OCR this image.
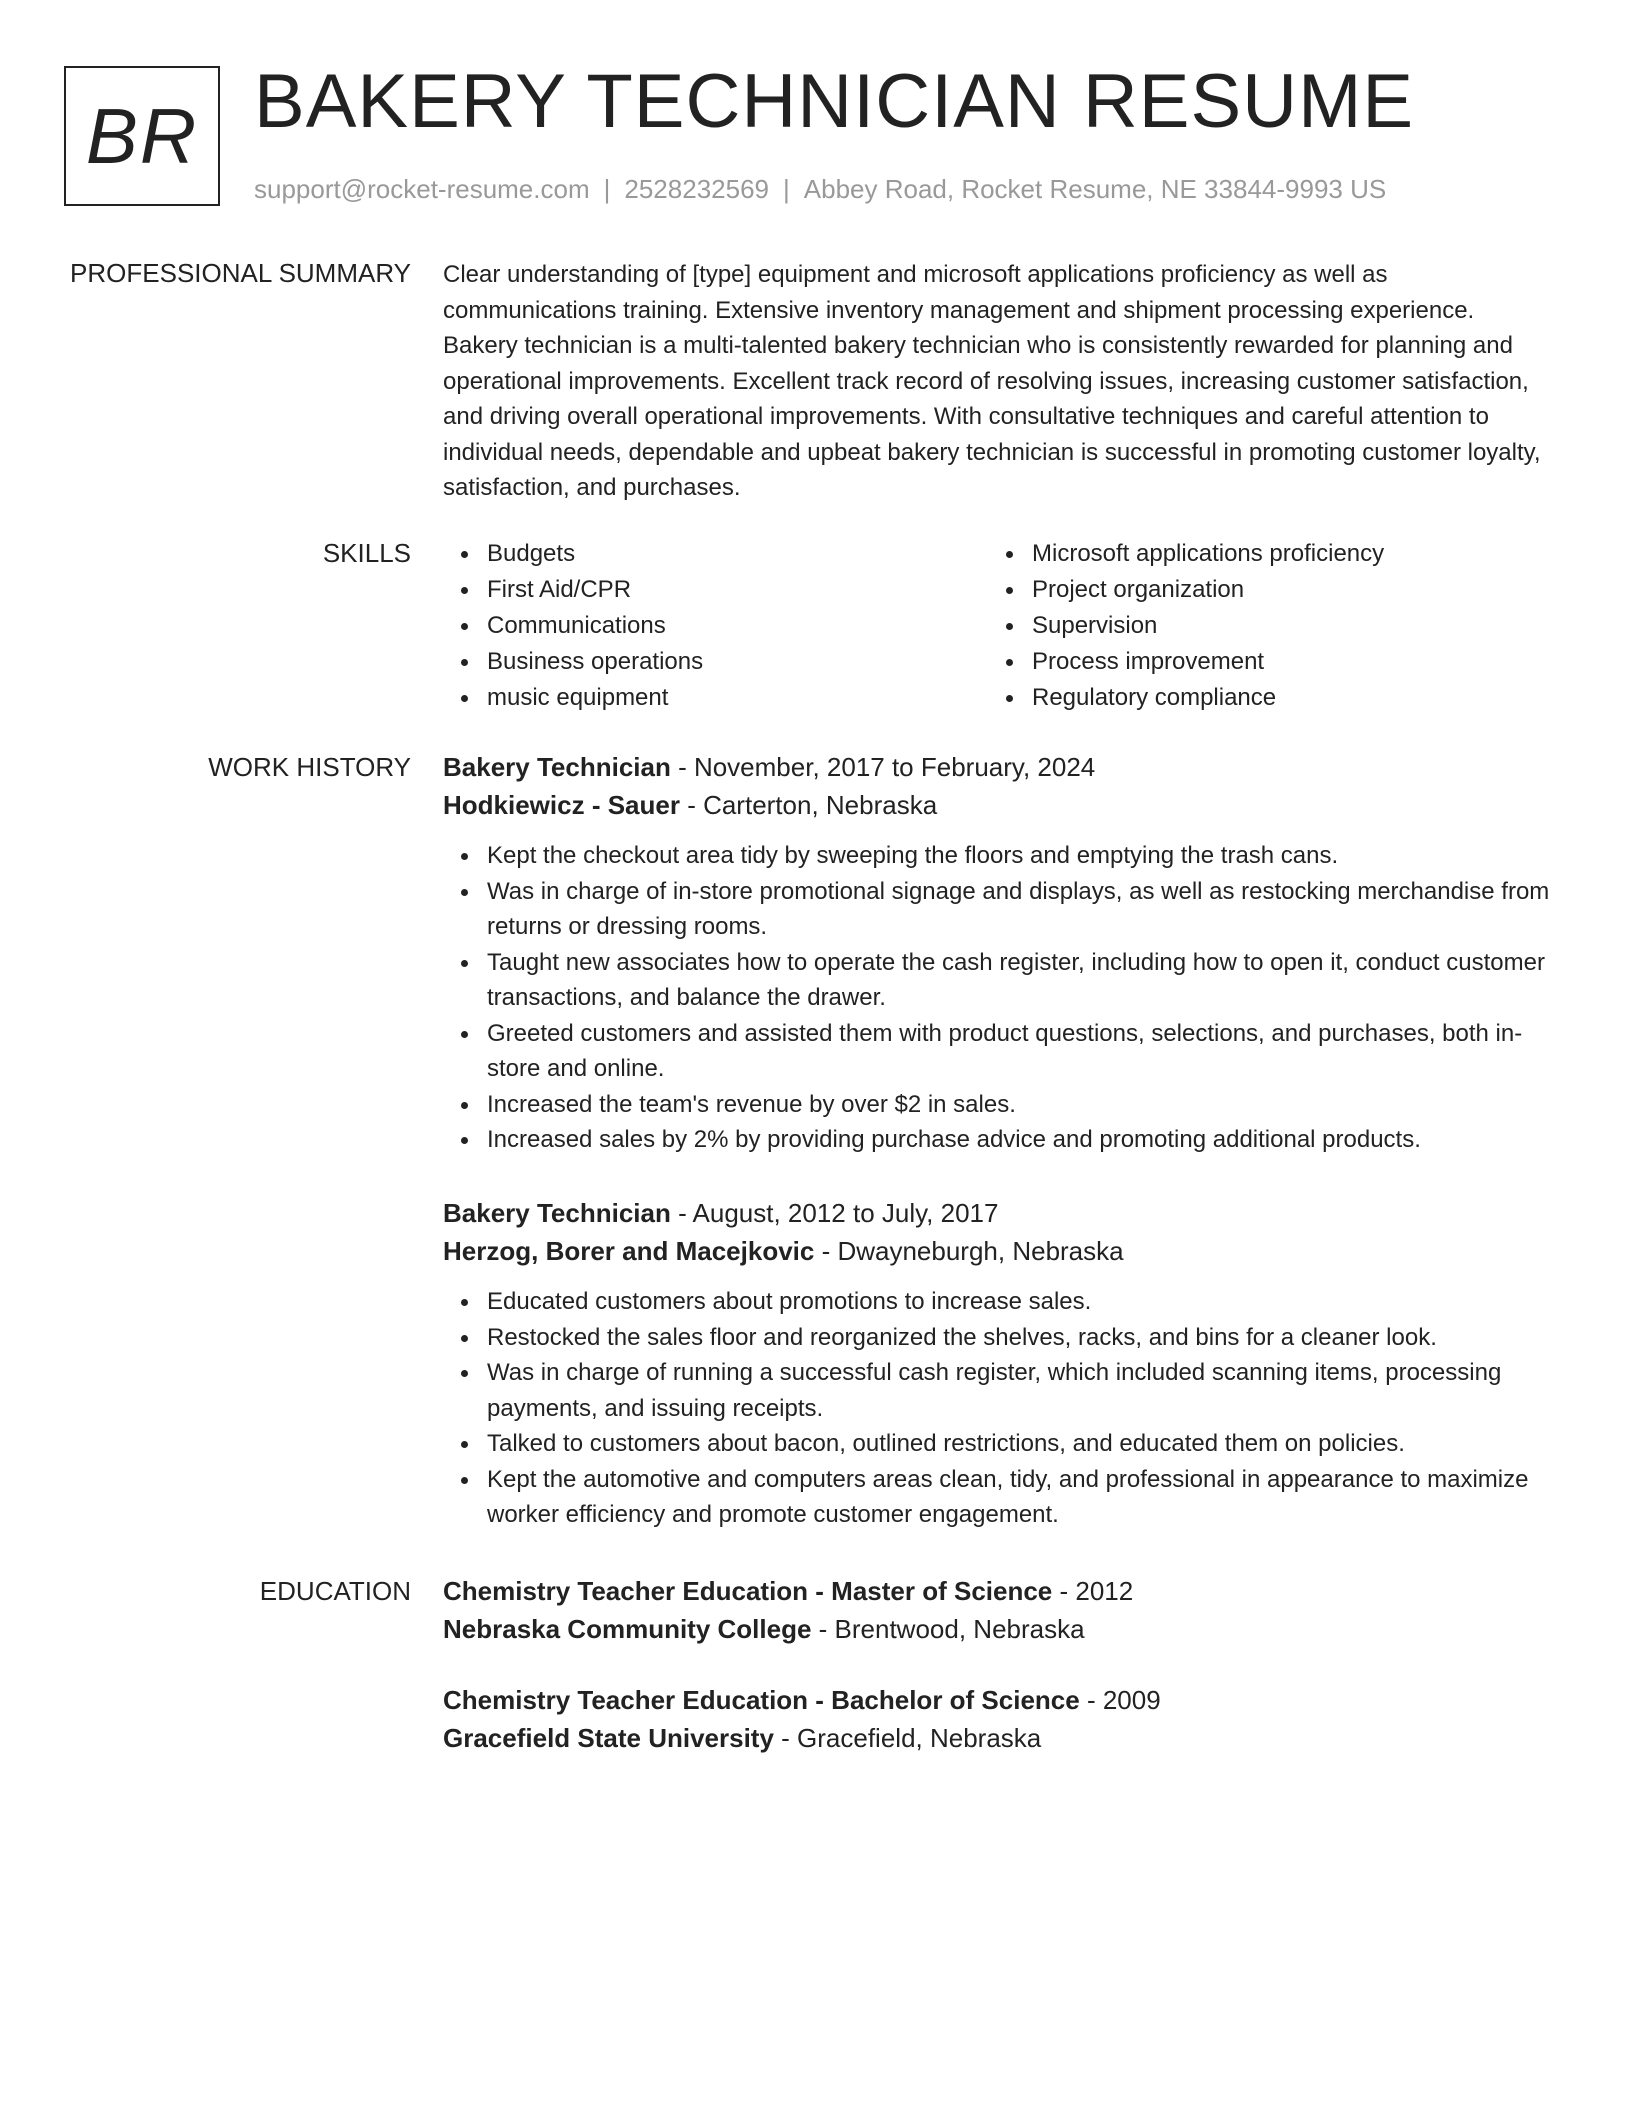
BR BAKERY TECHNICIAN RESUME
support@rocket-resume.com | 2528232569 | Abbey Road, Rocket Resume, NE 33844-9993 US
PROFESSIONAL SUMMARY Clear understanding of [type] equipment and microsoft applications proficiency as well as communications training. Extensive inventory management and shipment processing experience. Bakery technician is a multi-talented bakery technician who is consistently rewarded for planning and operational improvements. Excellent track record of resolving issues, increasing customer satisfaction, and driving overall operational improvements. With consultative techniques and careful attention to individual needs, dependable and upbeat bakery technician is successful in promoting customer loyalty, satisfaction, and purchases.

SKILLS	Budgets
First Aid/CPR
Communications
Business operations
music equipment
Microsoft applications proficiency
Project organization
Supervision
Process improvement
Regulatory compliance
WORK HISTORY Bakery Technician - November, 2017 to February, 2024
Hodkiewicz - Sauer - Carterton, Nebraska
Kept the checkout area tidy by sweeping the floors and emptying the trash cans.
Was in charge of in-store promotional signage and displays, as well as restocking merchandise from returns or dressing rooms.
Taught new associates how to operate the cash register, including how to open it, conduct customer transactions, and balance the drawer.
Greeted customers and assisted them with product questions, selections, and purchases, both in-store and online.
Increased the team's revenue by over $2 in sales.
Increased sales by 2% by providing purchase advice and promoting additional products.
Bakery Technician - August, 2012 to July, 2017
Herzog, Borer and Macejkovic - Dwayneburgh, Nebraska
Educated customers about promotions to increase sales.
Restocked the sales floor and reorganized the shelves, racks, and bins for a cleaner look.
Was in charge of running a successful cash register, which included scanning items, processing payments, and issuing receipts.
Talked to customers about bacon, outlined restrictions, and educated them on policies.
Kept the automotive and computers areas clean, tidy, and professional in appearance to maximize worker efficiency and promote customer engagement.
EDUCATION Chemistry Teacher Education - Master of Science - 2012
Nebraska Community College - Brentwood, Nebraska
Chemistry Teacher Education - Bachelor of Science - 2009
Gracefield State University - Gracefield, Nebraska
